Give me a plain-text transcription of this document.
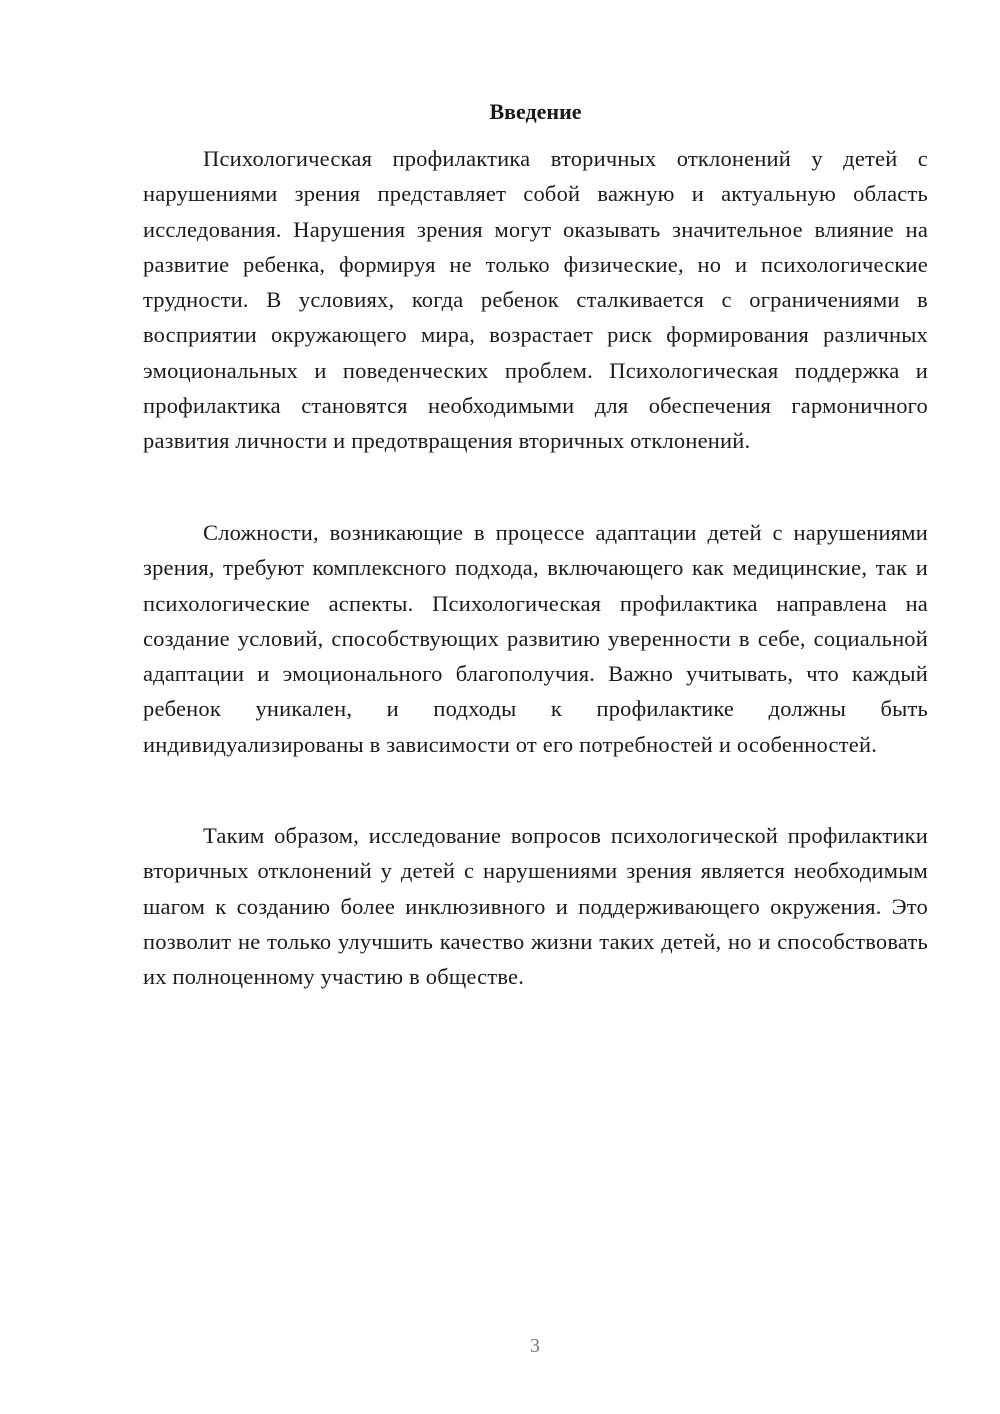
Введение

Психологическая профилактика вторичных отклонений у детей с нарушениями зрения представляет собой важную и актуальную область исследования. Нарушения зрения могут оказывать значительное влияние на развитие ребенка, формируя не только физические, но и психологические трудности. В условиях, когда ребенок сталкивается с ограничениями в восприятии окружающего мира, возрастает риск формирования различных эмоциональных и поведенческих проблем. Психологическая поддержка и профилактика становятся необходимыми для обеспечения гармоничного развития личности и предотвращения вторичных отклонений.

Сложности, возникающие в процессе адаптации детей с нарушениями зрения, требуют комплексного подхода, включающего как медицинские, так и психологические аспекты. Психологическая профилактика направлена на создание условий, способствующих развитию уверенности в себе, социальной адаптации и эмоционального благополучия. Важно учитывать, что каждый ребенок уникален, и подходы к профилактике должны быть индивидуализированы в зависимости от его потребностей и особенностей.

Таким образом, исследование вопросов психологической профилактики вторичных отклонений у детей с нарушениями зрения является необходимым шагом к созданию более инклюзивного и поддерживающего окружения. Это позволит не только улучшить качество жизни таких детей, но и способствовать их полноценному участию в обществе.

3
